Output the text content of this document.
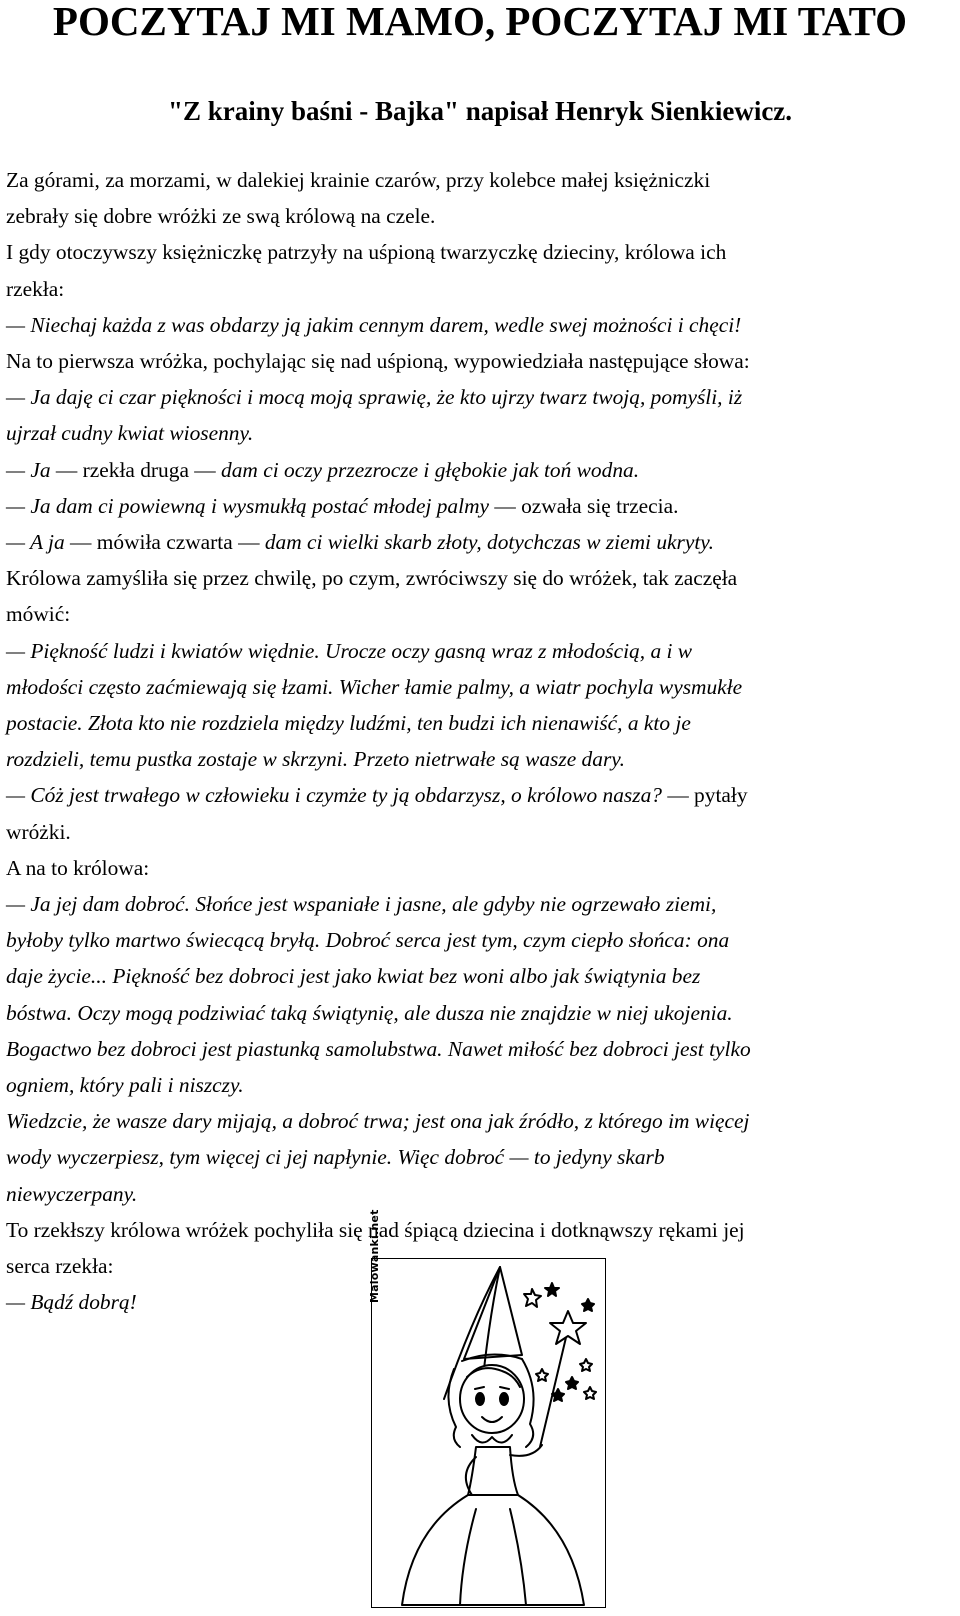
POCZYTAJ MI MAMO, POCZYTAJ MI TATO
"Z krainy baśni - Bajka" napisał Henryk Sienkiewicz.
Za górami, za morzami, w dalekiej krainie czarów, przy kolebce małej księżniczki
zebrały się dobre wróżki ze swą królową na czele.
I gdy otoczywszy księżniczkę patrzyły na uśpioną twarzyczkę dzieciny, królowa ich
rzekła:
— Niechaj każda z was obdarzy ją jakim cennym darem, wedle swej możności i chęci!
Na to pierwsza wróżka, pochylając się nad uśpioną, wypowiedziała następujące słowa:
— Ja daję ci czar piękności i mocą moją sprawię, że kto ujrzy twarz twoją, pomyśli, iż
ujrzał cudny kwiat wiosenny.
— Ja — rzekła druga — dam ci oczy przezrocze i głębokie jak toń wodna.
— Ja dam ci powiewną i wysmukłą postać młodej palmy — ozwała się trzecia.
— A ja — mówiła czwarta — dam ci wielki skarb złoty, dotychczas w ziemi ukryty.
Królowa zamyśliła się przez chwilę, po czym, zwróciwszy się do wróżek, tak zaczęła
mówić:
— Piękność ludzi i kwiatów więdnie. Urocze oczy gasną wraz z młodością, a i w
młodości często zaćmiewają się łzami. Wicher łamie palmy, a wiatr pochyla wysmukłe
postacie. Złota kto nie rozdziela między ludźmi, ten budzi ich nienawiść, a kto je
rozdzieli, temu pustka zostaje w skrzyni. Przeto nietrwałe są wasze dary.
— Cóż jest trwałego w człowieku i czymże ty ją obdarzysz, o królowo nasza? — pytały
wróżki.
A na to królowa:
— Ja jej dam dobroć. Słońce jest wspaniałe i jasne, ale gdyby nie ogrzewało ziemi,
byłoby tylko martwo świecącą bryłą. Dobroć serca jest tym, czym ciepło słońca: ona
daje życie... Piękność bez dobroci jest jako kwiat bez woni albo jak świątynia bez
bóstwa. Oczy mogą podziwiać taką świątynię, ale dusza nie znajdzie w niej ukojenia.
Bogactwo bez dobroci jest piastunką samolubstwa. Nawet miłość bez dobroci jest tylko
ogniem, który pali i niszczy.
Wiedzcie, że wasze dary mijają, a dobroć trwa; jest ona jak źródło, z którego im więcej
wody wyczerpiesz, tym więcej ci jej napłynie. Więc dobroć — to jedyny skarb
niewyczerpany.
To rzekłszy królowa wróżek pochyliła się nad śpiącą dziecina i dotknąwszy rękami jej
serca rzekła:
— Bądź dobrą!	Malowanki.net
